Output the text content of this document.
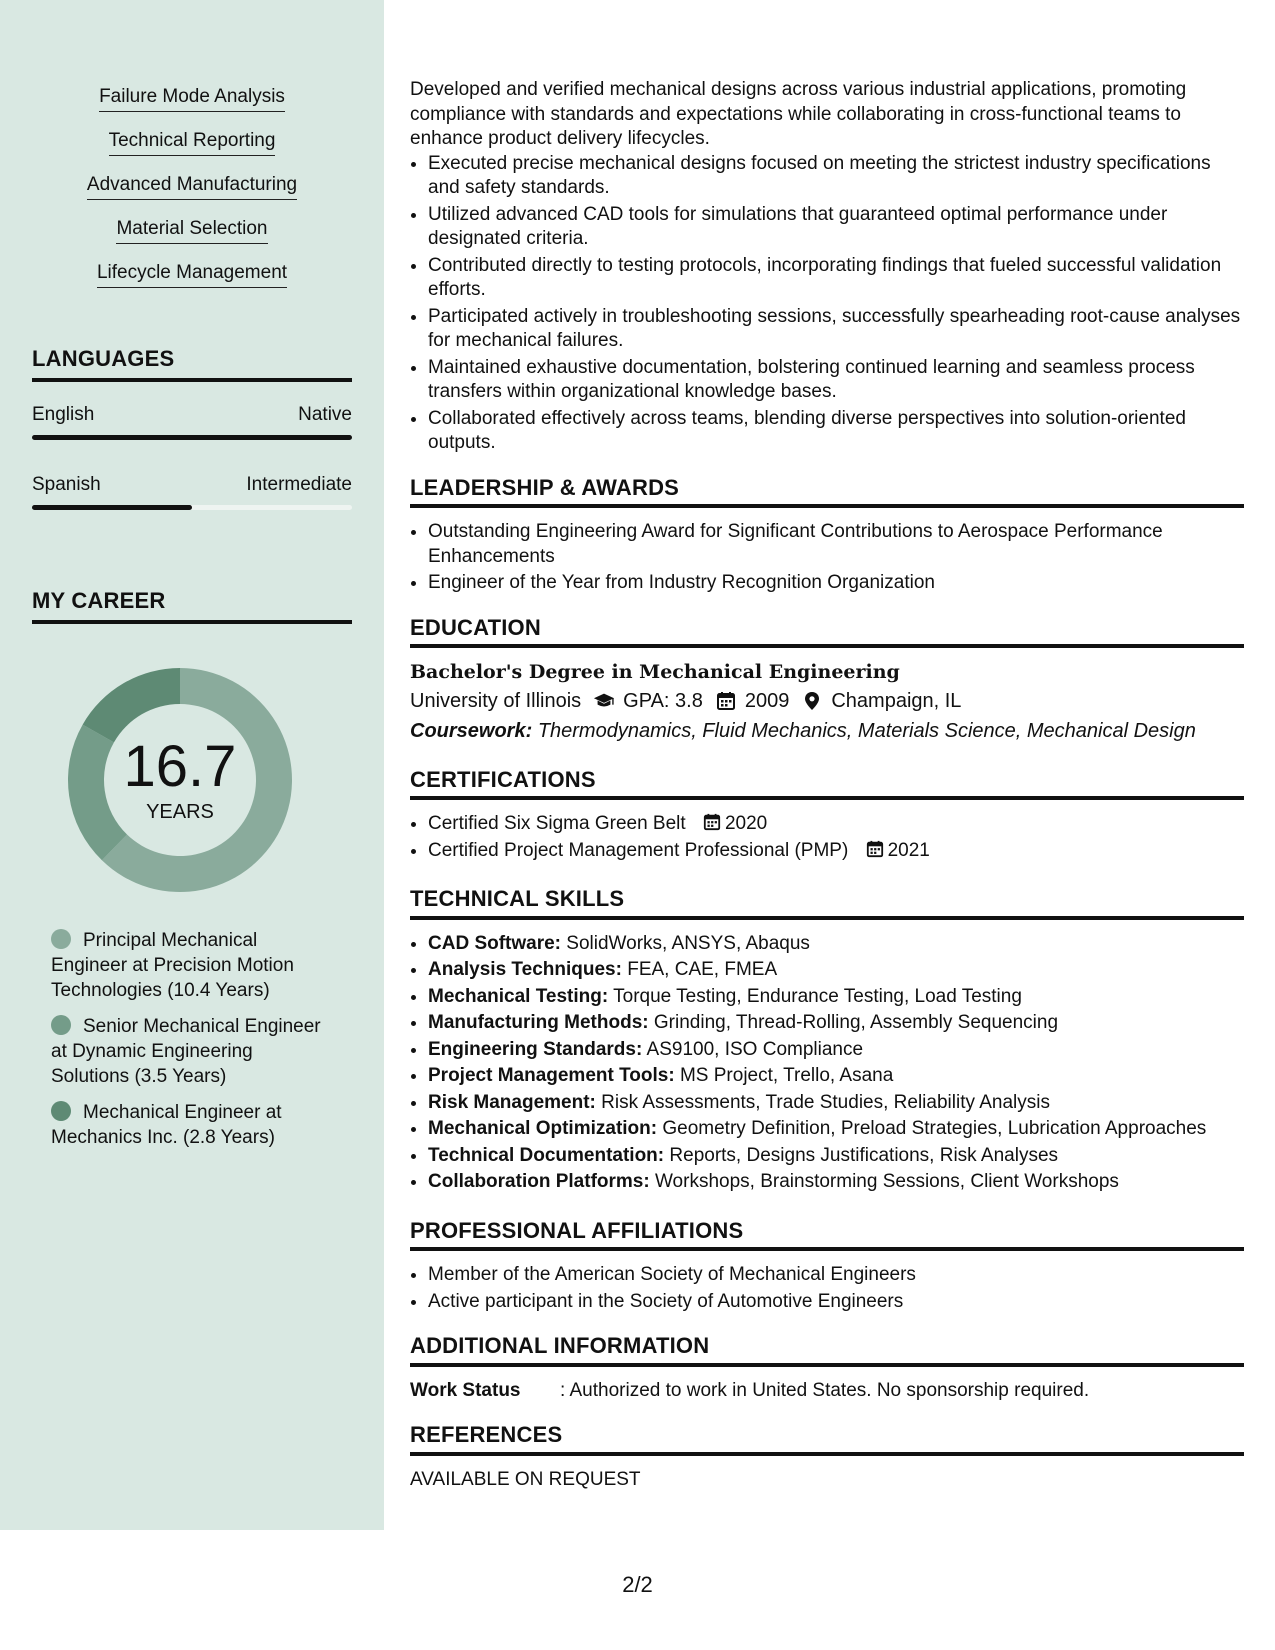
Failure Mode Analysis
Technical Reporting
Advanced Manufacturing
Material Selection
Lifecycle Management
LANGUAGES
English	Native
Spanish	Intermediate
MY CAREER
16.7
YEARS
Principal Mechanical Engineer at Precision Motion Technologies (10.4 Years)
Senior Mechanical Engineer at Dynamic Engineering Solutions (3.5 Years)
Mechanical Engineer at Mechanics Inc. (2.8 Years)

Developed and verified mechanical designs across various industrial applications, promoting compliance with standards and expectations while collaborating in cross-functional teams to enhance product delivery lifecycles.

• Executed precise mechanical designs focused on meeting the strictest industry specifications and safety standards.
• Utilized advanced CAD tools for simulations that guaranteed optimal performance under designated criteria.
• Contributed directly to testing protocols, incorporating findings that fueled successful validation efforts.
• Participated actively in troubleshooting sessions, successfully spearheading root-cause analyses for mechanical failures.
• Maintained exhaustive documentation, bolstering continued learning and seamless process transfers within organizational knowledge bases.
• Collaborated effectively across teams, blending diverse perspectives into solution-oriented outputs.
LEADERSHIP & AWARDS
• Outstanding Engineering Award for Significant Contributions to Aerospace Performance Enhancements
• Engineer of the Year from Industry Recognition Organization
EDUCATION
Bachelor's Degree in Mechanical Engineering
University of Illinois GPA: 3.8 2009 Champaign, IL
Coursework: Thermodynamics, Fluid Mechanics, Materials Science, Mechanical Design
CERTIFICATIONS
• Certified Six Sigma Green Belt 2020
• Certified Project Management Professional (PMP) 2021
TECHNICAL SKILLS
• CAD Software: SolidWorks, ANSYS, Abaqus
• Analysis Techniques: FEA, CAE, FMEA
• Mechanical Testing: Torque Testing, Endurance Testing, Load Testing
• Manufacturing Methods: Grinding, Thread-Rolling, Assembly Sequencing
• Engineering Standards: AS9100, ISO Compliance
• Project Management Tools: MS Project, Trello, Asana
• Risk Management: Risk Assessments, Trade Studies, Reliability Analysis
• Mechanical Optimization: Geometry Definition, Preload Strategies, Lubrication Approaches
• Technical Documentation: Reports, Designs Justifications, Risk Analyses
• Collaboration Platforms: Workshops, Brainstorming Sessions, Client Workshops
PROFESSIONAL AFFILIATIONS
• Member of the American Society of Mechanical Engineers
• Active participant in the Society of Automotive Engineers
ADDITIONAL INFORMATION
Work Status	: Authorized to work in United States. No sponsorship required.
REFERENCES
AVAILABLE ON REQUEST
2/2
